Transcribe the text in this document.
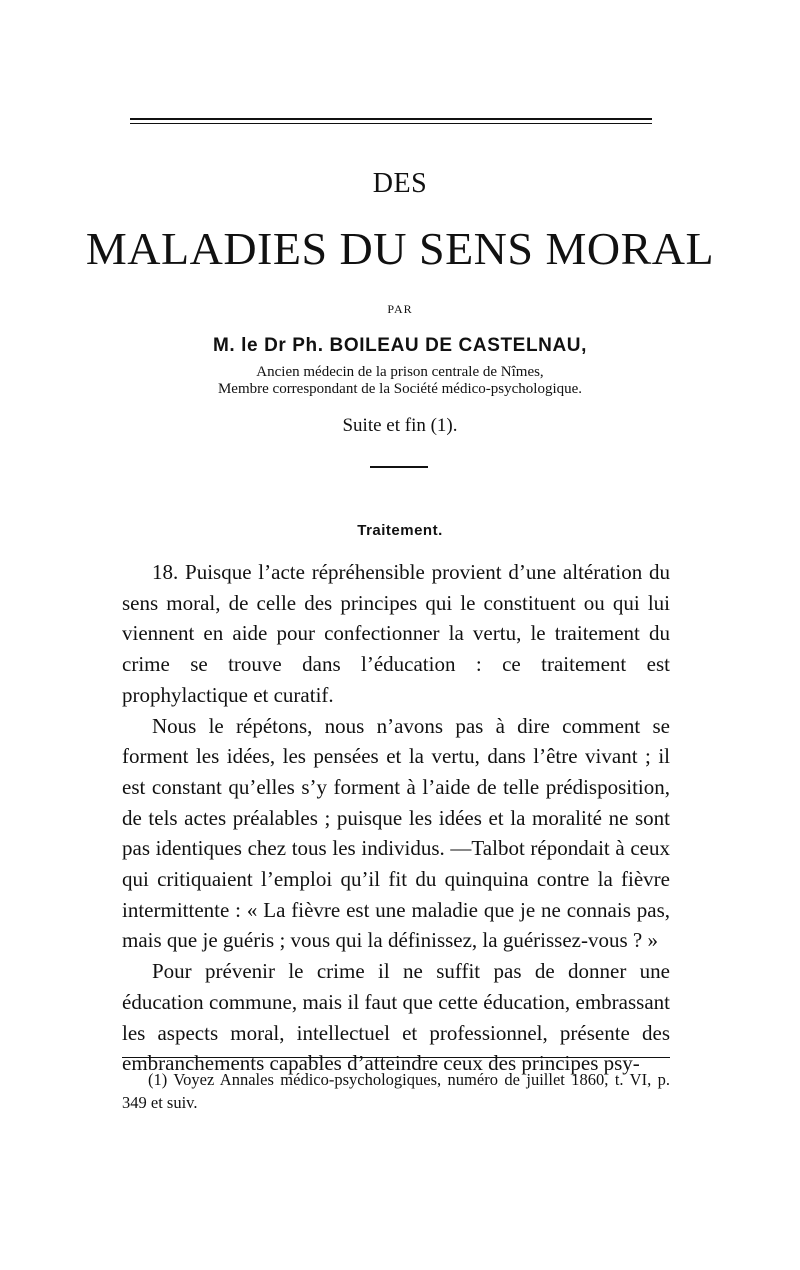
DES
MALADIES DU SENS MORAL
PAR
M. le Dr Ph. BOILEAU DE CASTELNAU,
Ancien médecin de la prison centrale de Nîmes,
Membre correspondant de la Société médico-psychologique.
Suite et fin (1).
Traitement.

18. Puisque l’acte répréhensible provient d’une altération du sens moral, de celle des principes qui le constituent ou qui lui viennent en aide pour confectionner la vertu, le traitement du crime se trouve dans l’éducation : ce traitement est prophylactique et curatif.

Nous le répétons, nous n’avons pas à dire comment se forment les idées, les pensées et la vertu, dans l’être vivant ; il est constant qu’elles s’y forment à l’aide de telle prédisposition, de tels actes préalables ; puisque les idées et la moralité ne sont pas identiques chez tous les individus. —Talbot répondait à ceux qui critiquaient l’emploi qu’il fit du quinquina contre la fièvre intermittente : « La fièvre est une maladie que je ne connais pas, mais que je guéris ; vous qui la définissez, la guérissez-vous ? »

Pour prévenir le crime il ne suffit pas de donner une éducation commune, mais il faut que cette éducation, embrassant les aspects moral, intellectuel et professionnel, présente des embranchements capables d’atteindre ceux des principes psy-

(1) Voyez Annales médico-psychologiques, numéro de juillet 1860, t. VI, p. 349 et suiv.
